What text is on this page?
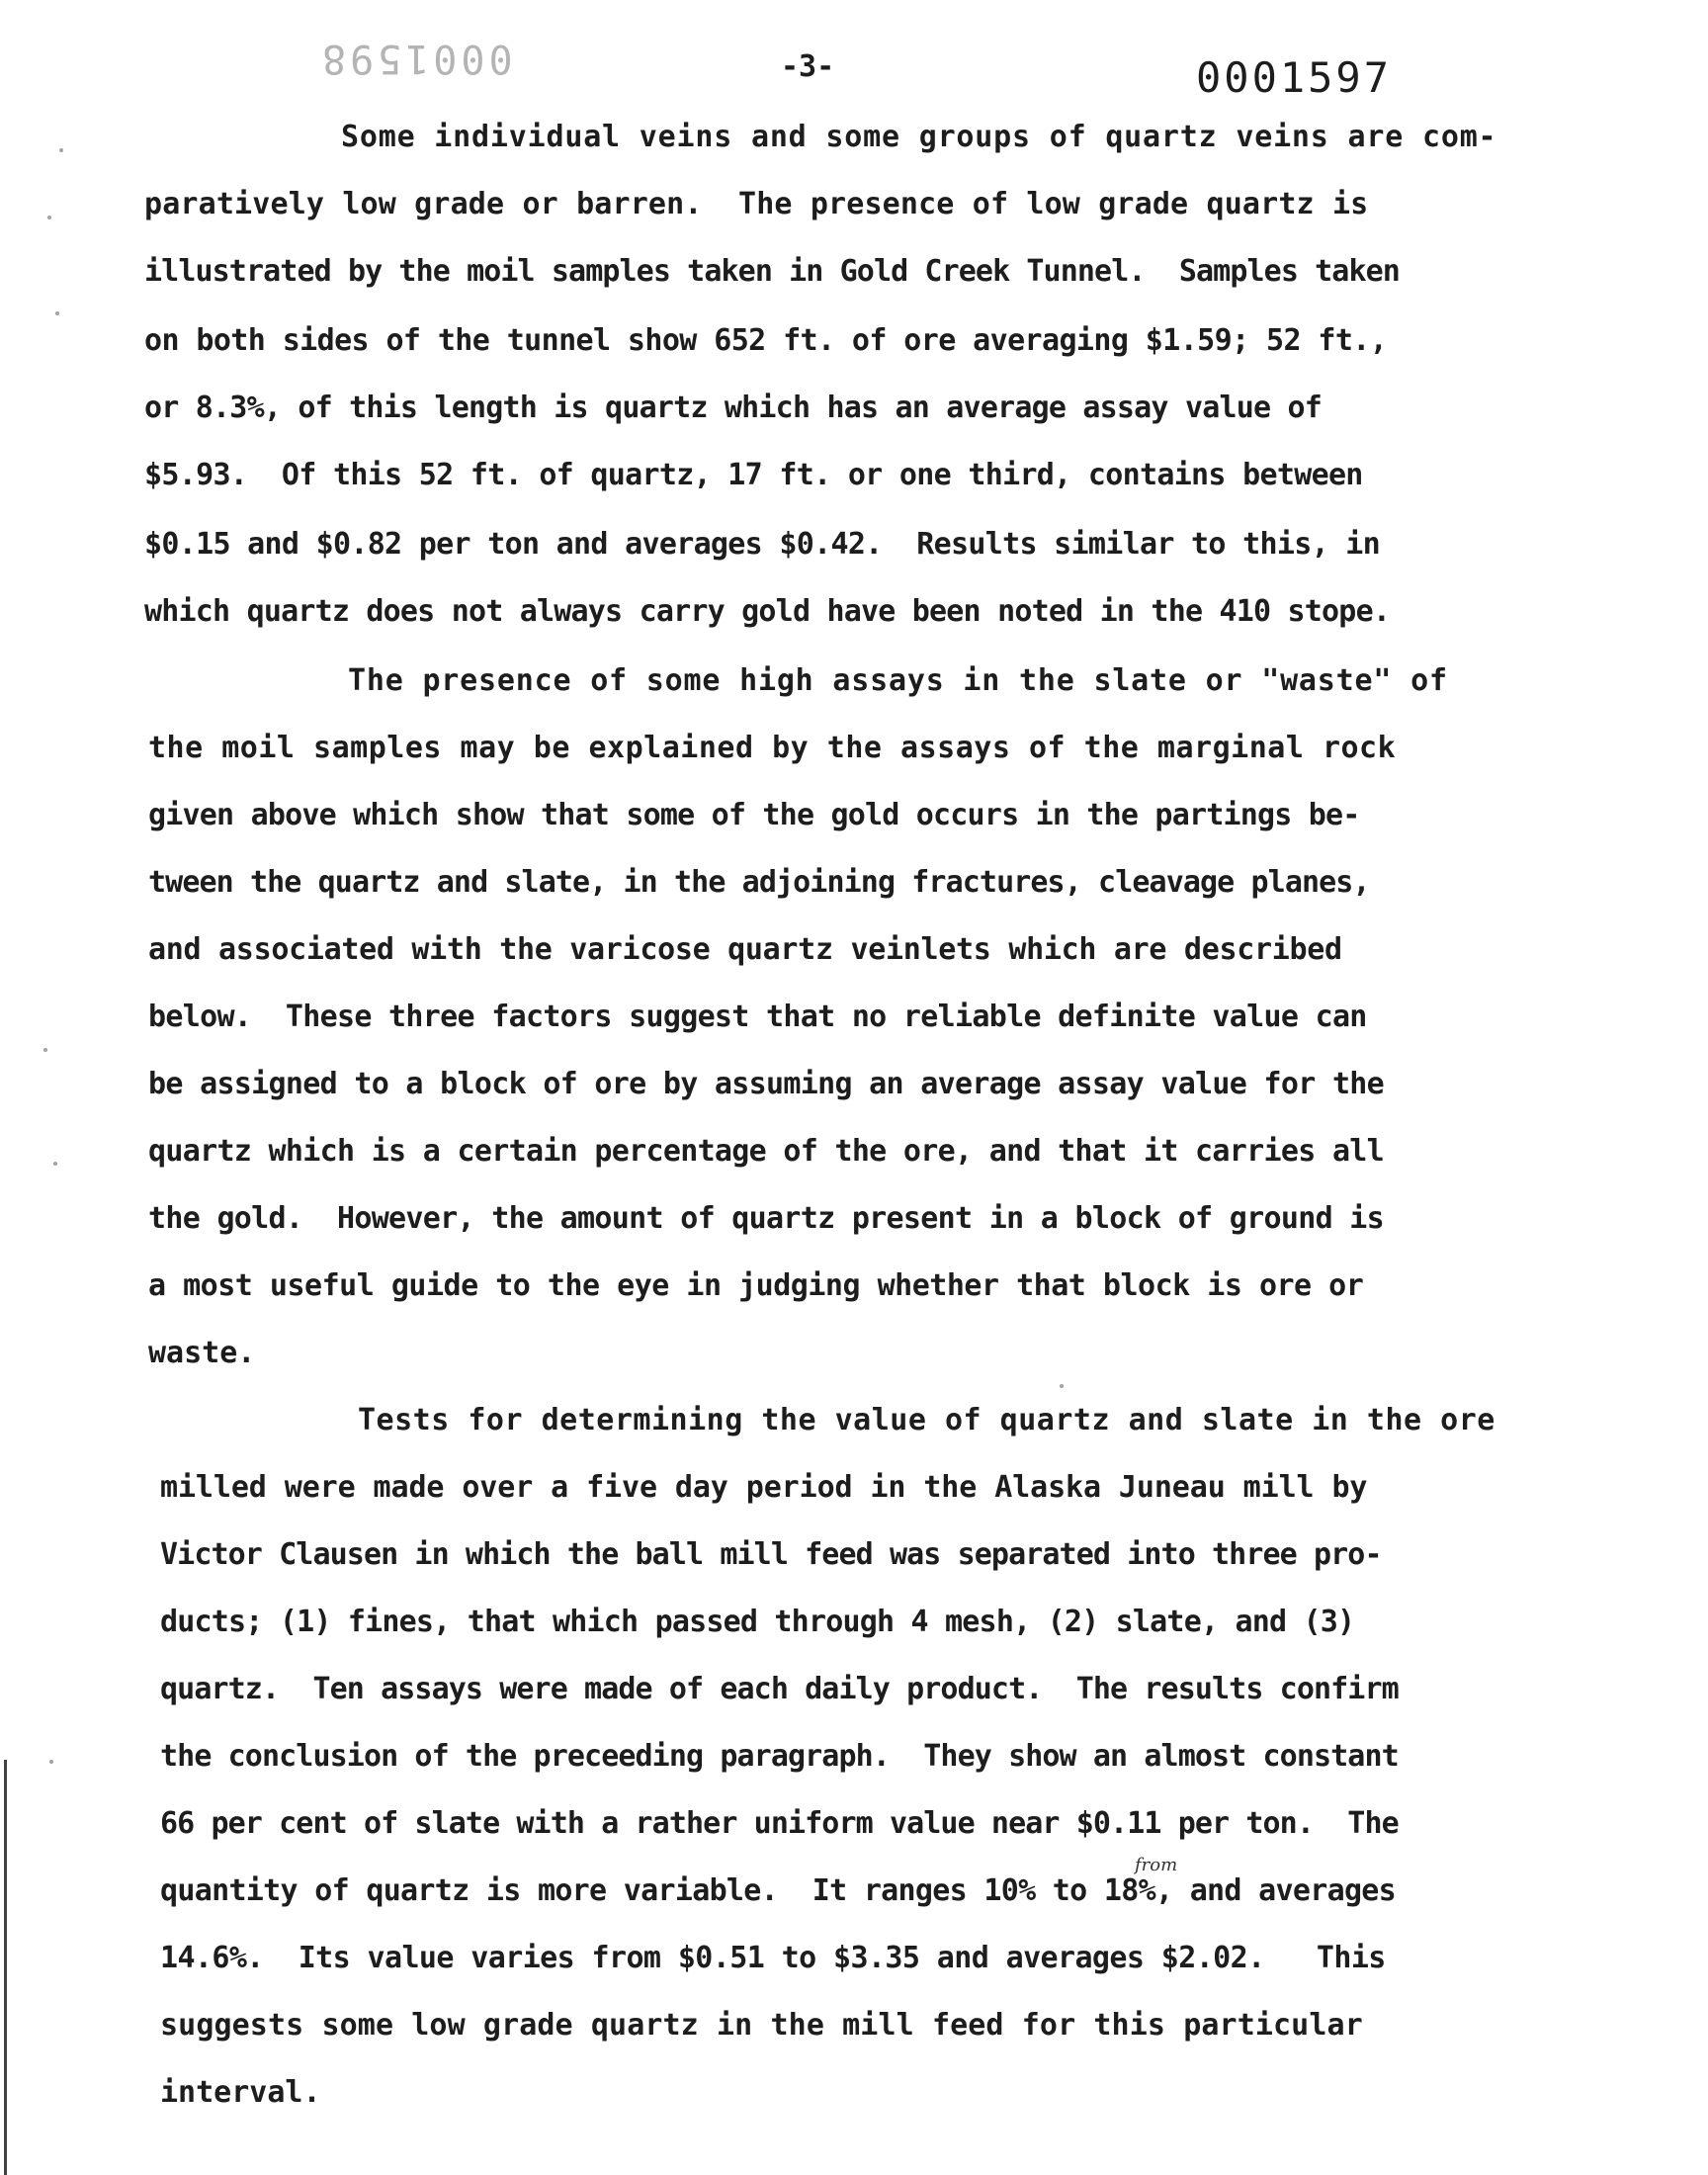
0001598	-3-	0001597
Some individual veins and some groups of quartz veins are com-
paratively low grade or barren.  The presence of low grade quartz is
illustrated by the moil samples taken in Gold Creek Tunnel.  Samples taken
on both sides of the tunnel show 652 ft. of ore averaging $1.59; 52 ft.,
or 8.3%, of this length is quartz which has an average assay value of
$5.93.  Of this 52 ft. of quartz, 17 ft. or one third, contains between
$0.15 and $0.82 per ton and averages $0.42.  Results similar to this, in
which quartz does not always carry gold have been noted in the 410 stope.
The presence of some high assays in the slate or "waste" of
the moil samples may be explained by the assays of the marginal rock
given above which show that some of the gold occurs in the partings be-
tween the quartz and slate, in the adjoining fractures, cleavage planes,
and associated with the varicose quartz veinlets which are described
below.  These three factors suggest that no reliable definite value can
be assigned to a block of ore by assuming an average assay value for the
quartz which is a certain percentage of the ore, and that it carries all
the gold.  However, the amount of quartz present in a block of ground is
a most useful guide to the eye in judging whether that block is ore or
waste.
Tests for determining the value of quartz and slate in the ore
milled were made over a five day period in the Alaska Juneau mill by
Victor Clausen in which the ball mill feed was separated into three pro-
ducts; (1) fines, that which passed through 4 mesh, (2) slate, and (3)
quartz.  Ten assays were made of each daily product.  The results confirm
the conclusion of the preceeding paragraph.  They show an almost constant
66 per cent of slate with a rather uniform value near $0.11 per ton.  The
quantity of quartz is more variable.  It ranges 10% to 18%, and averages
14.6%.  Its value varies from $0.51 to $3.35 and averages $2.02.   This
suggests some low grade quartz in the mill feed for this particular
interval.
from
